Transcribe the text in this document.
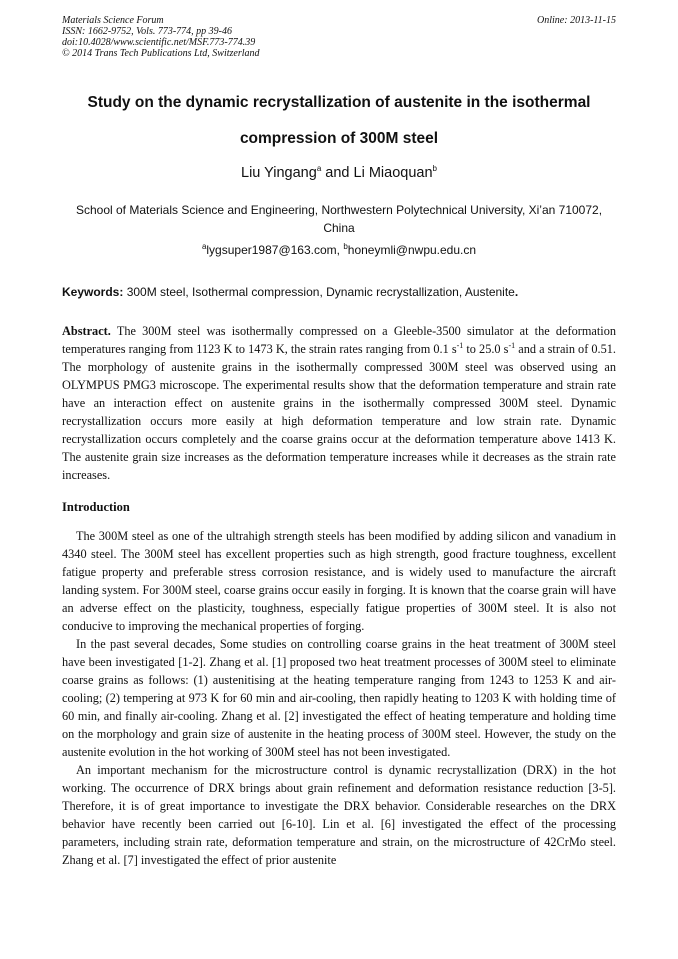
Materials Science Forum
ISSN: 1662-9752, Vols. 773-774, pp 39-46
doi:10.4028/www.scientific.net/MSF.773-774.39
© 2014 Trans Tech Publications Ltd, Switzerland
Online: 2013-11-15
Study on the dynamic recrystallization of austenite in the isothermal compression of 300M steel
Liu Yingang$^a$ and Li Miaoquan$^b$
School of Materials Science and Engineering, Northwestern Polytechnical University, Xi’an 710072, China
$^a$lygsuper1987@163.com, $^b$honeymli@nwpu.edu.cn
Keywords: 300M steel, Isothermal compression, Dynamic recrystallization, Austenite.

Abstract. The 300M steel was isothermally compressed on a Gleeble-3500 simulator at the deformation temperatures ranging from 1123 K to 1473 K, the strain rates ranging from 0.1 $s^{-1}$ to 25.0 $s^{-1}$ and a strain of 0.51. The morphology of austenite grains in the isothermally compressed 300M steel was observed using an OLYMPUS PMG3 microscope. The experimental results show that the deformation temperature and strain rate have an interaction effect on austenite grains in the isothermally compressed 300M steel. Dynamic recrystallization occurs more easily at high deformation temperature and low strain rate. Dynamic recrystallization occurs completely and the coarse grains occur at the deformation temperature above 1413 K. The austenite grain size increases as the deformation temperature increases while it decreases as the strain rate increases.

Introduction

The 300M steel as one of the ultrahigh strength steels has been modified by adding silicon and vanadium in 4340 steel. The 300M steel has excellent properties such as high strength, good fracture toughness, excellent fatigue property and preferable stress corrosion resistance, and is widely used to manufacture the aircraft landing system. For 300M steel, coarse grains occur easily in forging. It is known that the coarse grain will have an adverse effect on the plasticity, toughness, especially fatigue properties of 300M steel. It is also not conducive to improving the mechanical properties of forging.

In the past several decades, Some studies on controlling coarse grains in the heat treatment of 300M steel have been investigated [1-2]. Zhang et al. [1] proposed two heat treatment processes of 300M steel to eliminate coarse grains as follows: (1) austenitising at the heating temperature ranging from 1243 to 1253 K and air-cooling; (2) tempering at 973 K for 60 min and air-cooling, then rapidly heating to 1203 K with holding time of 60 min, and finally air-cooling. Zhang et al. [2] investigated the effect of heating temperature and holding time on the morphology and grain size of austenite in the heating process of 300M steel. However, the study on the austenite evolution in the hot working of 300M steel has not been investigated.

An important mechanism for the microstructure control is dynamic recrystallization (DRX) in the hot working. The occurrence of DRX brings about grain refinement and deformation resistance reduction [3-5]. Therefore, it is of great importance to investigate the DRX behavior. Considerable researches on the DRX behavior have recently been carried out [6-10]. Lin et al. [6] investigated the effect of the processing parameters, including strain rate, deformation temperature and strain, on the microstructure of 42CrMo steel. Zhang et al. [7] investigated the effect of prior austenite
